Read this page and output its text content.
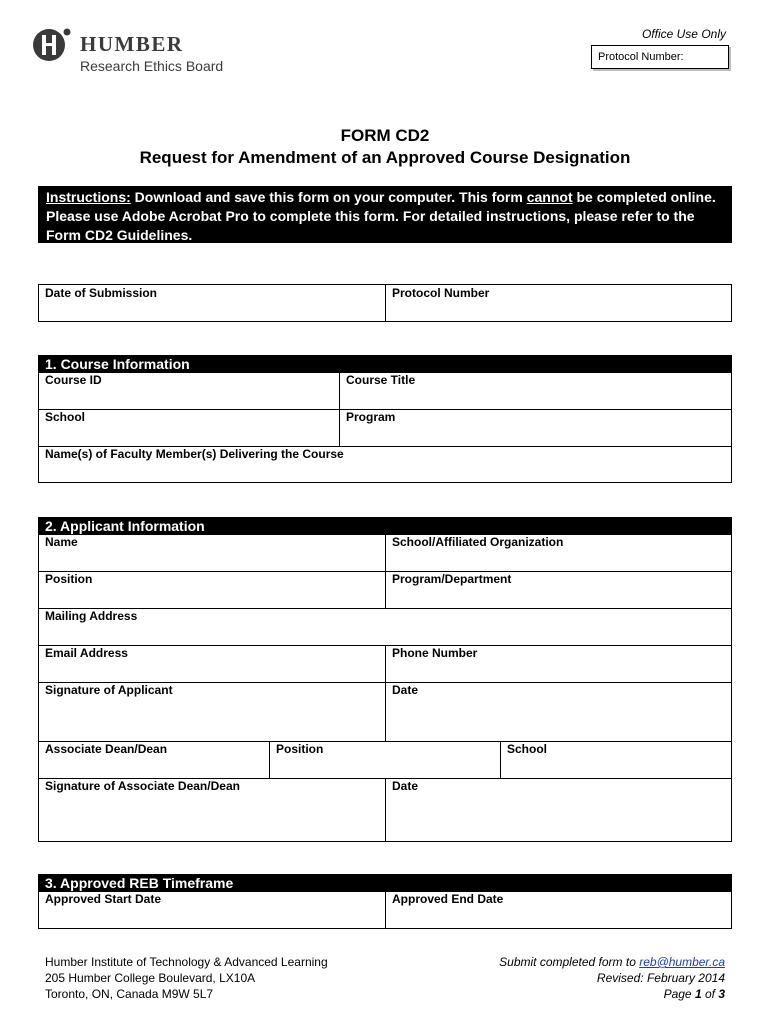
HUMBER
Research Ethics Board
Office Use Only
Protocol Number:
FORM CD2
Request for Amendment of an Approved Course Designation
Instructions: Download and save this form on your computer. This form cannot be completed online. Please use Adobe Acrobat Pro to complete this form. For detailed instructions, please refer to the Form CD2 Guidelines.
Date of Submission	Protocol Number
1. Course Information
Course ID	Course Title
School	Program
Name(s) of Faculty Member(s) Delivering the Course
2. Applicant Information
Name	School/Affiliated Organization
Position	Program/Department
Mailing Address
Email Address	Phone Number
Signature of Applicant	Date
Associate Dean/Dean	Position	School
Signature of Associate Dean/Dean	Date
3. Approved REB Timeframe
Approved Start Date	Approved End Date
Humber Institute of Technology & Advanced Learning
205 Humber College Boulevard, LX10A
Toronto, ON, Canada M9W 5L7
Submit completed form to reb@humber.ca
Revised: February 2014
Page 1 of 3
